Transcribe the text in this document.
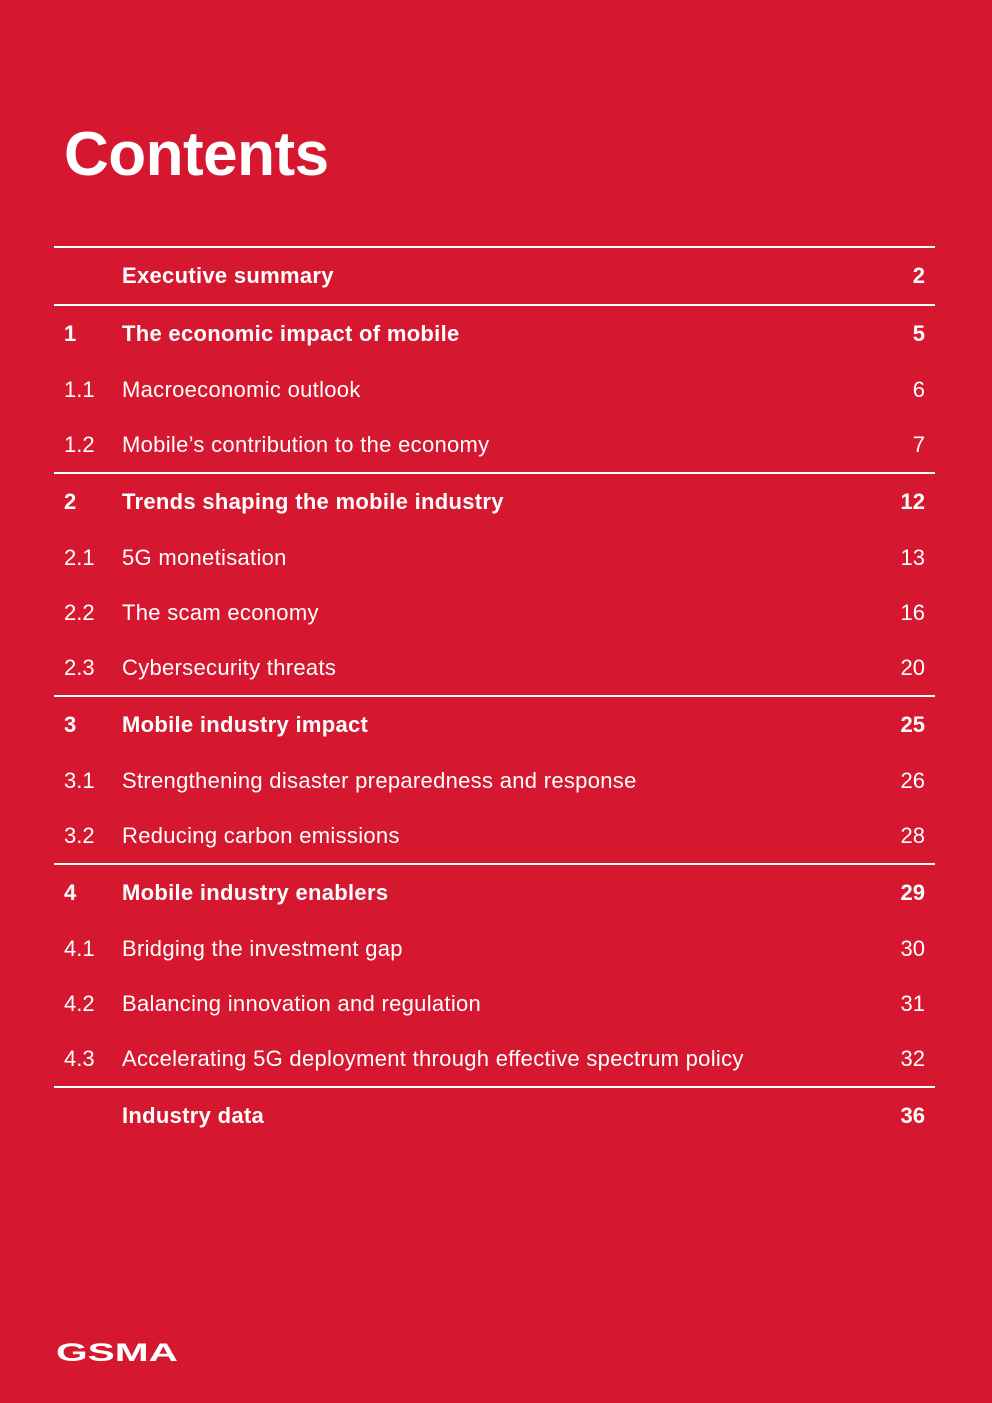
Contents
Executive summary	2
1	The economic impact of mobile	5
1.1	Macroeconomic outlook	6
1.2	Mobile’s contribution to the economy	7
2	Trends shaping the mobile industry	12
2.1	5G monetisation	13
2.2	The scam economy	16
2.3	Cybersecurity threats	20
3	Mobile industry impact	25
3.1	Strengthening disaster preparedness and response	26
3.2	Reducing carbon emissions	28
4	Mobile industry enablers	29
4.1	Bridging the investment gap	30
4.2	Balancing innovation and regulation	31
4.3	Accelerating 5G deployment through effective spectrum policy	32
Industry data	36
GSMA
